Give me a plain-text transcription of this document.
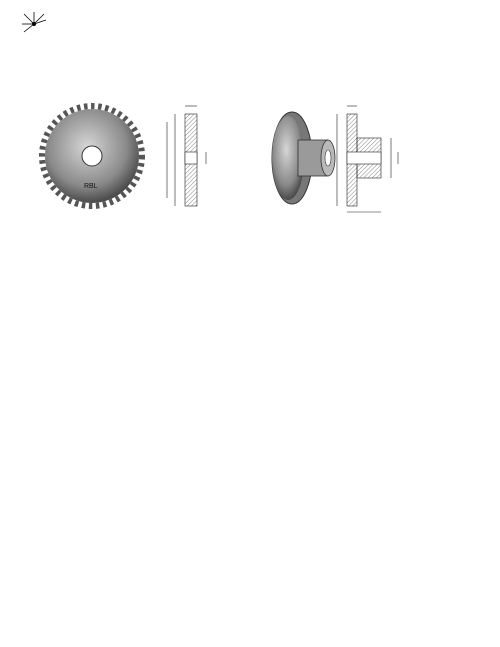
RBL
